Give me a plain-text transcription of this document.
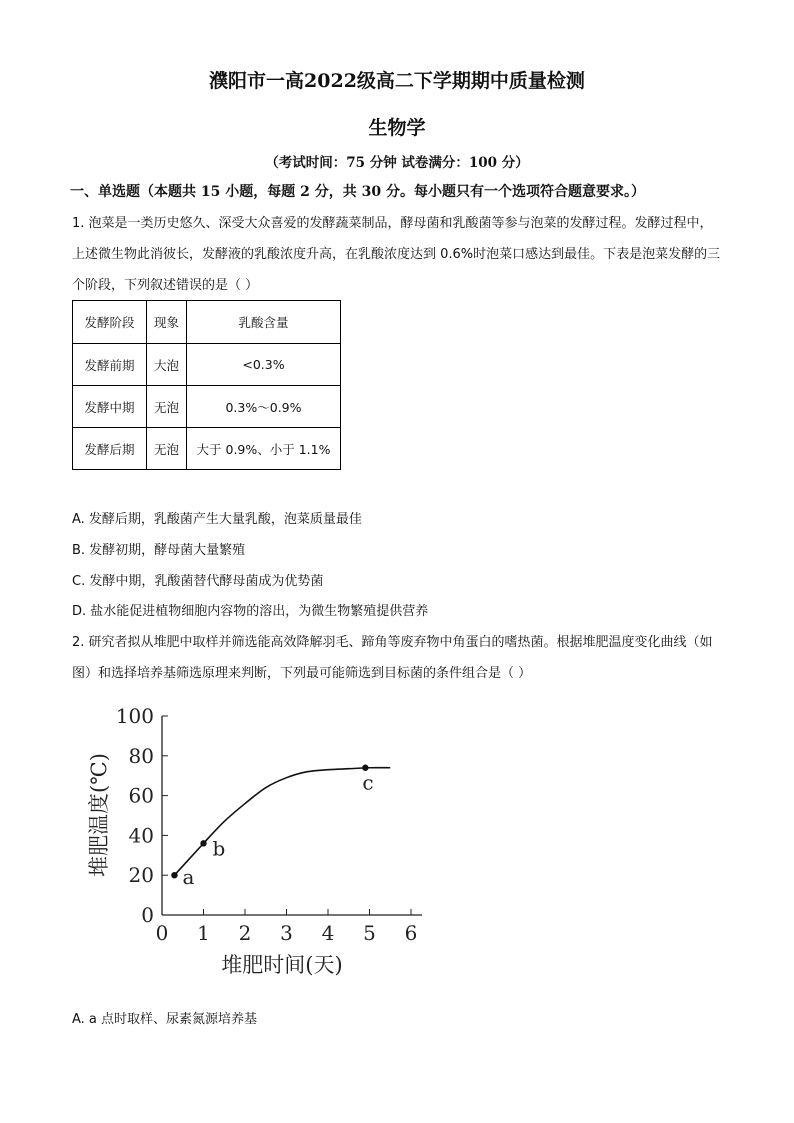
濮阳市一高2022级高二下学期期中质量检测
生物学
（考试时间：75 分钟 试卷满分：100 分）
一、单选题（本题共 15 小题，每题 2 分，共 30 分。每小题只有一个选项符合题意要求。）
1. 泡菜是一类历史悠久、深受大众喜爱的发酵蔬菜制品，酵母菌和乳酸菌等参与泡菜的发酵过程。发酵过程中，上述微生物此消彼长，发酵液的乳酸浓度升高，在乳酸浓度达到 0.6%时泡菜口感达到最佳。下表是泡菜发酵的三个阶段，下列叙述错误的是（ ）
发酵阶段	现象	乳酸含量
发酵前期	大泡	<0.3%
发酵中期	无泡	0.3%～0.9%
发酵后期	无泡	大于 0.9%、小于 1.1%
A. 发酵后期，乳酸菌产生大量乳酸，泡菜质量最佳
B. 发酵初期，酵母菌大量繁殖
C. 发酵中期，乳酸菌替代酵母菌成为优势菌
D. 盐水能促进植物细胞内容物的溶出，为微生物繁殖提供营养
2. 研究者拟从堆肥中取样并筛选能高效降解羽毛、蹄角等废弃物中角蛋白的嗜热菌。根据堆肥温度变化曲线（如图）和选择培养基筛选原理来判断，下列最可能筛选到目标菌的条件组合是（ ）
0
20
40
60
80
100
0 1 2 3 4 5 6
a
b
c
堆肥时间(天)
堆肥温度(℃)
A. a 点时取样、尿素氮源培养基
